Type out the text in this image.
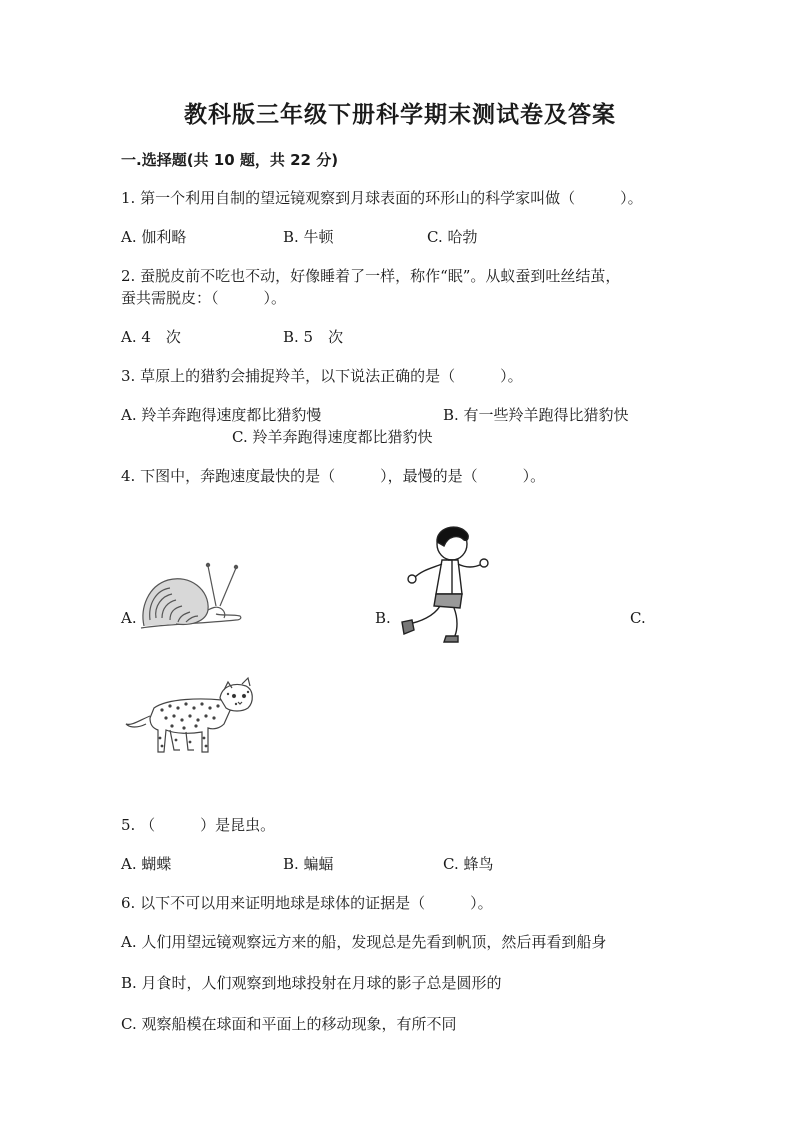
教科版三年级下册科学期末测试卷及答案
一.选择题(共 10 题，共 22 分)
1. 第一个利用自制的望远镜观察到月球表面的环形山的科学家叫做（　　　）。
A. 伽利略	B. 牛顿	C. 哈勃
2. 蚕脱皮前不吃也不动，好像睡着了一样，称作“眠”。从蚁蚕到吐丝结茧，
蚕共需脱皮：（　　　）。
A. 4　次	B. 5　次
3. 草原上的猎豹会捕捉羚羊，以下说法正确的是（　　　）。
A. 羚羊奔跑得速度都比猎豹慢	B. 有一些羚羊跑得比猎豹快
C. 羚羊奔跑得速度都比猎豹快
4. 下图中，奔跑速度最快的是（　　　），最慢的是（　　　）。
A.	B.	C.
5. （　　　）是昆虫。
A. 蝴蝶	B. 蝙蝠	C. 蜂鸟
6. 以下不可以用来证明地球是球体的证据是（　　　）。
A. 人们用望远镜观察远方来的船，发现总是先看到帆顶，然后再看到船身
B. 月食时，人们观察到地球投射在月球的影子总是圆形的
C. 观察船模在球面和平面上的移动现象，有所不同
